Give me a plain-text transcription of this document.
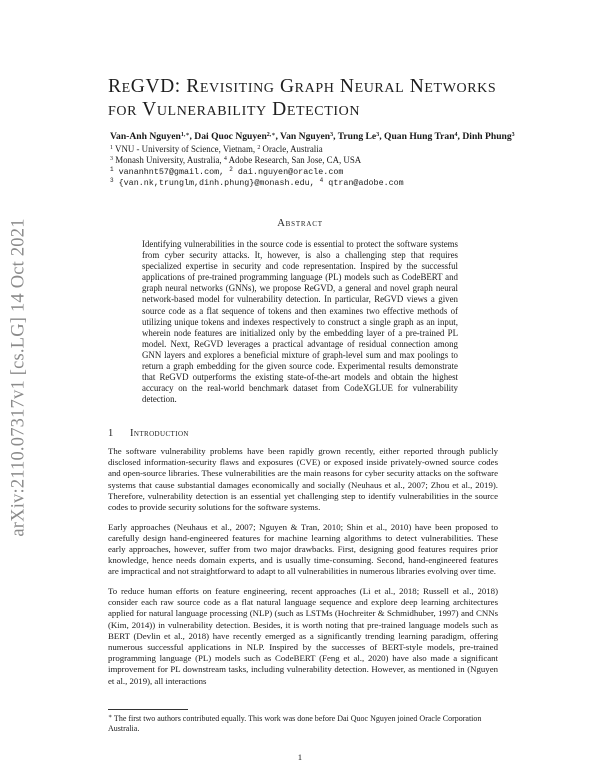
arXiv:2110.07317v1 [cs.LG] 14 Oct 2021
ReGVD: Revisiting Graph Neural Networks
for Vulnerability Detection
Van-Anh Nguyen$^{1,∗}$, Dai Quoc Nguyen$^{2,∗}$, Van Nguyen$^3$, Trung Le$^3$, Quan Hung Tran$^4$, Dinh Phung$^3$
$^1$ VNU - University of Science, Vietnam, $^2$ Oracle, Australia
$^3$ Monash University, Australia, $^4$ Adobe Research, San Jose, CA, USA
$^1$ vananhnt57@gmail.com, $^2$ dai.nguyen@oracle.com
$^3$ {van.nk,trunglm,dinh.phung}@monash.edu, $^4$ qtran@adobe.com
Abstract
Identifying vulnerabilities in the source code is essential to protect the software systems from cyber security attacks. It, however, is also a challenging step that requires specialized expertise in security and code representation. Inspired by the successful applications of pre-trained programming language (PL) models such as CodeBERT and graph neural networks (GNNs), we propose ReGVD, a general and novel graph neural network-based model for vulnerability detection. In particular, ReGVD views a given source code as a flat sequence of tokens and then examines two effective methods of utilizing unique tokens and indexes respectively to construct a single graph as an input, wherein node features are initialized only by the embedding layer of a pre-trained PL model. Next, ReGVD leverages a practical advantage of residual connection among GNN layers and explores a beneficial mixture of graph-level sum and max poolings to return a graph embedding for the given source code. Experimental results demonstrate that ReGVD outperforms the existing state-of-the-art models and obtain the highest accuracy on the real-world benchmark dataset from CodeXGLUE for vulnerability detection.
1 Introduction

The software vulnerability problems have been rapidly grown recently, either reported through publicly disclosed information-security flaws and exposures (CVE) or exposed inside privately-owned source codes and open-source libraries. These vulnerabilities are the main reasons for cyber security attacks on the software systems that cause substantial damages economically and socially (Neuhaus et al., 2007; Zhou et al., 2019). Therefore, vulnerability detection is an essential yet challenging step to identify vulnerabilities in the source codes to provide security solutions for the software systems.

Early approaches (Neuhaus et al., 2007; Nguyen & Tran, 2010; Shin et al., 2010) have been proposed to carefully design hand-engineered features for machine learning algorithms to detect vulnerabilities. These early approaches, however, suffer from two major drawbacks. First, designing good features requires prior knowledge, hence needs domain experts, and is usually time-consuming. Second, hand-engineered features are impractical and not straightforward to adapt to all vulnerabilities in numerous libraries evolving over time.

To reduce human efforts on feature engineering, recent approaches (Li et al., 2018; Russell et al., 2018) consider each raw source code as a flat natural language sequence and explore deep learning architectures applied for natural language processing (NLP) (such as LSTMs (Hochreiter & Schmidhuber, 1997) and CNNs (Kim, 2014)) in vulnerability detection. Besides, it is worth noting that pre-trained language models such as BERT (Devlin et al., 2018) have recently emerged as a significantly trending learning paradigm, offering numerous successful applications in NLP. Inspired by the successes of BERT-style models, pre-trained programming language (PL) models such as CodeBERT (Feng et al., 2020) have also made a significant improvement for PL downstream tasks, including vulnerability detection. However, as mentioned in (Nguyen et al., 2019), all interactions

∗ The first two authors contributed equally. This work was done before Dai Quoc Nguyen joined Oracle Corporation Australia.
1
